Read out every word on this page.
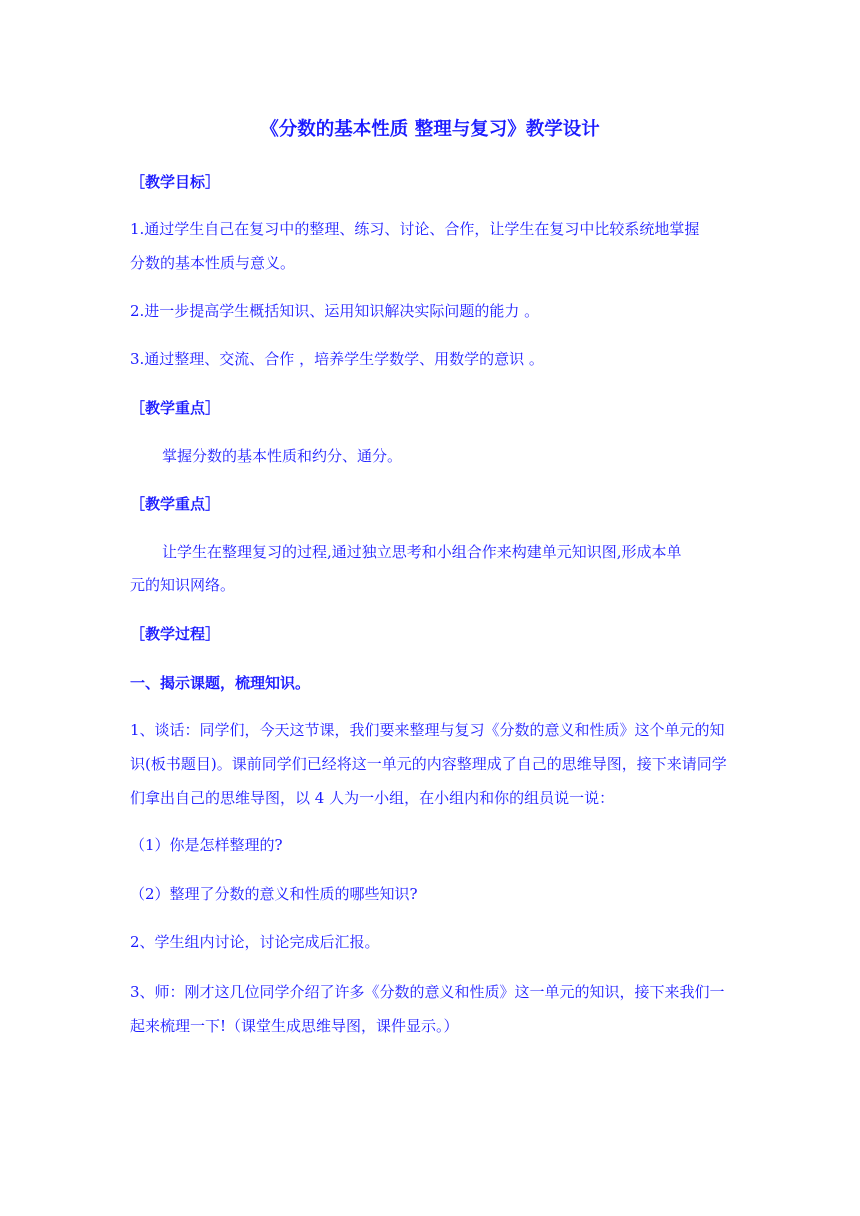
《分数的基本性质 整理与复习》教学设计
［教学目标］
1.通过学生自己在复习中的整理、练习、讨论、合作，让学生在复习中比较系统地掌握
分数的基本性质与意义。
2.进一步提高学生概括知识、运用知识解决实际问题的能力 。
3.通过整理、交流、合作 ，培养学生学数学、用数学的意识 。
［教学重点］
掌握分数的基本性质和约分、通分。
［教学重点］
让学生在整理复习的过程,通过独立思考和小组合作来构建单元知识图,形成本单
元的知识网络。
［教学过程］
一、揭示课题，梳理知识。
1、谈话：同学们，今天这节课，我们要来整理与复习《分数的意义和性质》这个单元的知
识(板书题目)。课前同学们已经将这一单元的内容整理成了自己的思维导图，接下来请同学
们拿出自己的思维导图，以 4 人为一小组，在小组内和你的组员说一说：
（1）你是怎样整理的?
（2）整理了分数的意义和性质的哪些知识?
2、学生组内讨论，讨论完成后汇报。
3、师：刚才这几位同学介绍了许多《分数的意义和性质》这一单元的知识，接下来我们一
起来梳理一下!（课堂生成思维导图，课件显示。）
